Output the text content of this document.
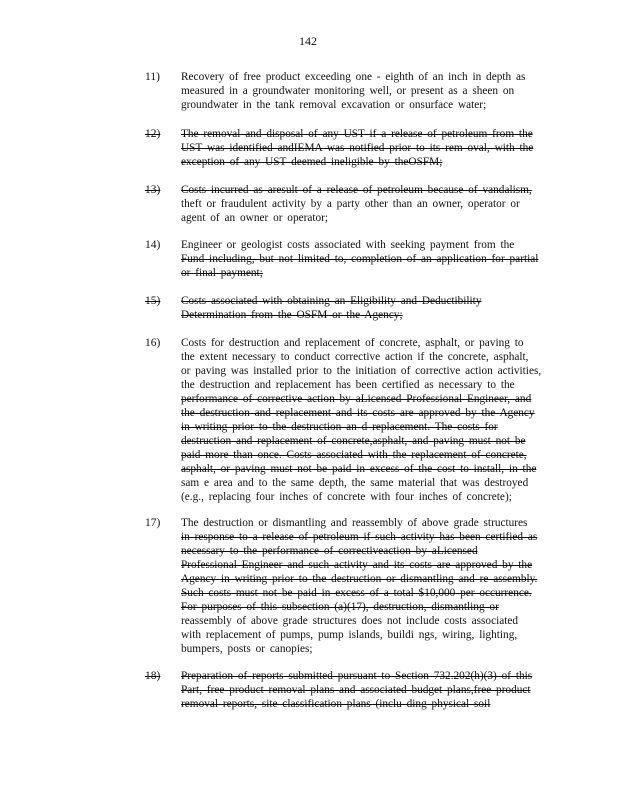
142
11) Recovery of free product exceeding one - eighth of an inch in depth as
measured in a groundwater monitoring well, or present as a sheen on
groundwater in the tank removal excavation or onsurface water;
12) The removal and disposal of any UST if a release of petroleum from the
UST was identified andIEMA was notified prior to its rem oval, with the
exception of any UST deemed ineligible by theOSFM;
13) Costs incurred as aresult of a release of petroleum because of vandalism,
theft or fraudulent activity by a party other than an owner, operator or
agent of an owner or operator;
14) Engineer or geologist costs associated with seeking payment from the
Fund including, but not limited to, completion of an application for partial
or final payment;
15) Costs associated with obtaining an Eligibility and Deductibility
Determination from the OSFM or the Agency;
16) Costs for destruction and replacement of concrete, asphalt, or paving to
the extent necessary to conduct corrective action if the concrete, asphalt,
or paving was installed prior to the initiation of corrective action activities,
the destruction and replacement has been certified as necessary to the
performance of corrective action by aLicensed Professional Engineer, and
the destruction and replacement and its costs are approved by the Agency
in writing prior to the destruction an d replacement. The costs for
destruction and replacement of concrete,asphalt, and paving must not be
paid more than once. Costs associated with the replacement of concrete,
asphalt, or paving must not be paid in excess of the cost to install, in the
sam e area and to the same depth, the same material that was destroyed
(e.g., replacing four inches of concrete with four inches of concrete);
17) The destruction or dismantling and reassembly of above grade structures
in response to a release of petroleum if such activity has been certified as
necessary to the performance of correctiveaction by aLicensed
Professional Engineer and such activity and its costs are approved by the
Agency in writing prior to the destruction or dismantling and re assembly.
Such costs must not be paid in excess of a total $10,000 per occurrence.
For purposes of this subsection (a)(17), destruction, dismantling or
reassembly of above grade structures does not include costs associated
with replacement of pumps, pump islands, buildi ngs, wiring, lighting,
bumpers, posts or canopies;
18) Preparation of reports submitted pursuant to Section 732.202(h)(3) of this
Part, free product removal plans and associated budget plans,free product
removal reports, site classification plans (inclu ding physical soil
